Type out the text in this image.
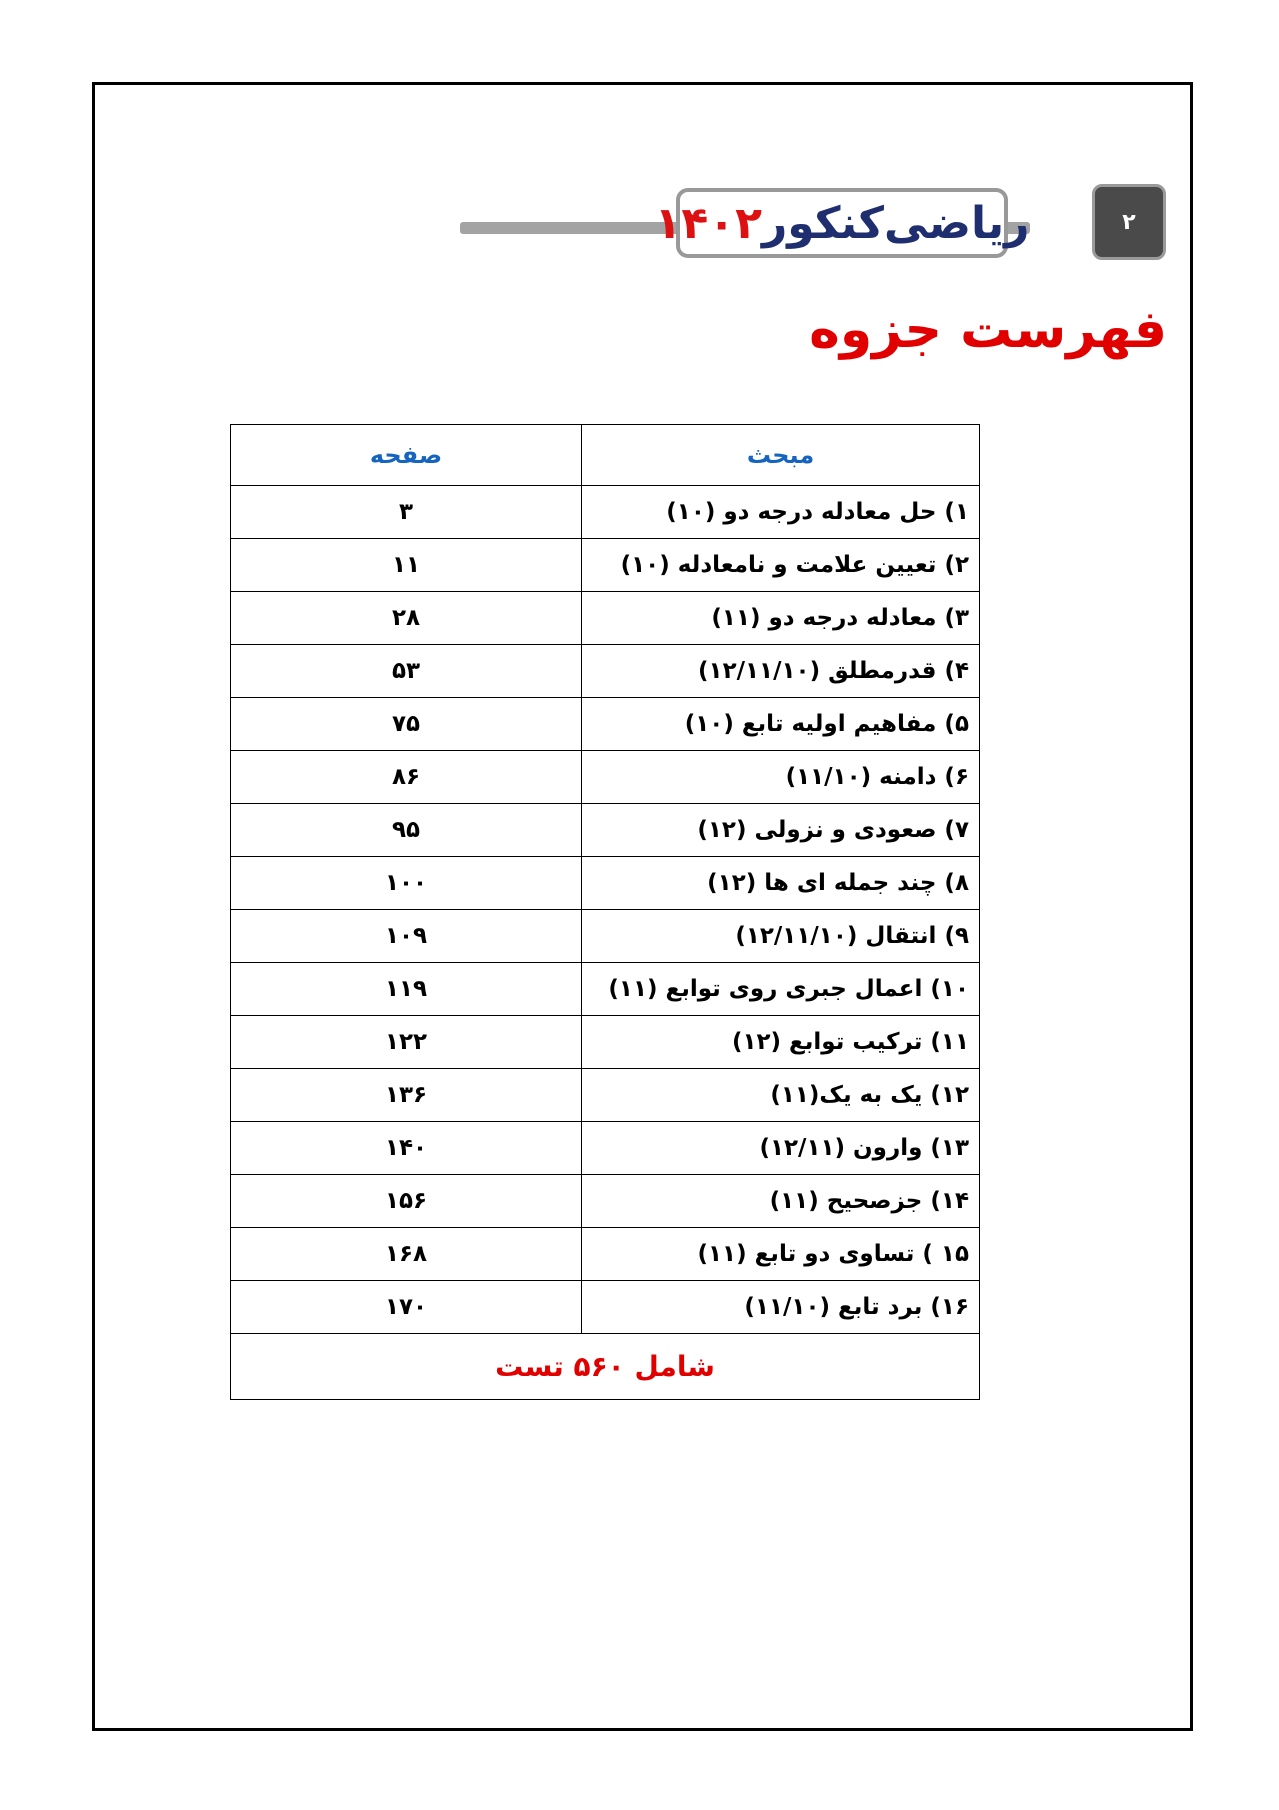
ریاضی‌کنکور
۱۴۰۲	۲
فهرست جزوه
مبحث	صفحه
۱) حل معادله درجه دو (۱۰)	۳
۲) تعیین علامت و نامعادله (۱۰)	۱۱
۳) معادله درجه دو (۱۱)	۲۸
۴) قدرمطلق (۱۲/۱۱/۱۰)	۵۳
۵) مفاهیم اولیه تابع (۱۰)	۷۵
۶) دامنه (۱۱/۱۰)	۸۶
۷) صعودی و نزولی (۱۲)	۹۵
۸) چند جمله ای ها (۱۲)	۱۰۰
۹) انتقال (۱۲/۱۱/۱۰)	۱۰۹
۱۰) اعمال جبری روی توابع (۱۱)	۱۱۹
۱۱) ترکیب توابع (۱۲)	۱۲۲
۱۲) یک به یک(۱۱)	۱۳۶
۱۳) وارون (۱۲/۱۱)	۱۴۰
۱۴) جزصحیح (۱۱)	۱۵۶
۱۵ ) تساوی دو تابع (۱۱)	۱۶۸
۱۶) برد تابع (۱۱/۱۰)	۱۷۰
شامل ۵۶۰ تست	
